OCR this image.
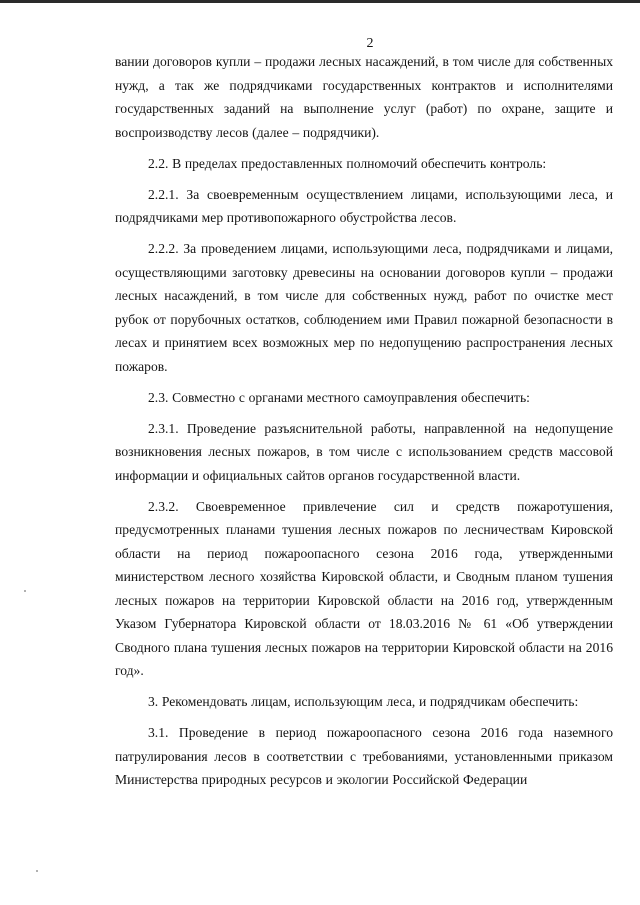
2

вании договоров купли – продажи лесных насаждений, в том числе для собственных нужд, а так же подрядчиками государственных контрактов и исполнителями государственных заданий на выполнение услуг (работ) по охране, защите и воспроизводству лесов (далее – подрядчики).

2.2. В пределах предоставленных полномочий обеспечить контроль:

2.2.1. За своевременным осуществлением лицами, использующими леса, и подрядчиками мер противопожарного обустройства лесов.

2.2.2. За проведением лицами, использующими леса, подрядчиками и лицами, осуществляющими заготовку древесины на основании договоров купли – продажи лесных насаждений, в том числе для собственных нужд, работ по очистке мест рубок от порубочных остатков, соблюдением ими Правил пожарной безопасности в лесах и принятием всех возможных мер по недопущению распространения лесных пожаров.

2.3. Совместно с органами местного самоуправления обеспечить:

2.3.1. Проведение разъяснительной работы, направленной на недопущение возникновения лесных пожаров, в том числе с использованием средств массовой информации и официальных сайтов органов государственной власти.

2.3.2. Своевременное привлечение сил и средств пожаротушения, предусмотренных планами тушения лесных пожаров по лесничествам Кировской области на период пожароопасного сезона 2016 года, утвержденными министерством лесного хозяйства Кировской области, и Сводным планом тушения лесных пожаров на территории Кировской области на 2016 год, утвержденным Указом Губернатора Кировской области от 18.03.2016 № 61 «Об утверждении Сводного плана тушения лесных пожаров на территории Кировской области на 2016 год».

3. Рекомендовать лицам, использующим леса, и подрядчикам обеспечить:

3.1. Проведение в период пожароопасного сезона 2016 года наземного патрулирования лесов в соответствии с требованиями, установленными приказом Министерства природных ресурсов и экологии Российской Федерации
